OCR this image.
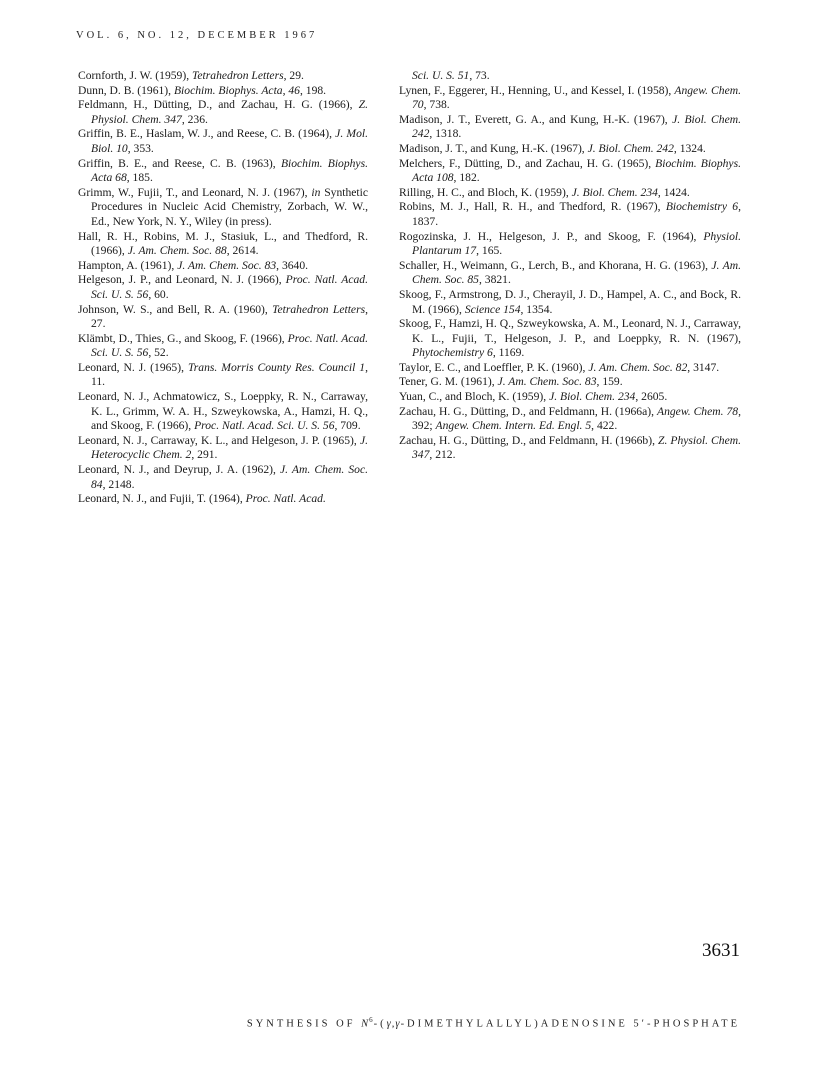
VOL. 6, NO. 12, DECEMBER 1967

Cornforth, J. W. (1959), Tetrahedron Letters, 29.

Dunn, D. B. (1961), Biochim. Biophys. Acta, 46, 198.

Feldmann, H., Dütting, D., and Zachau, H. G. (1966), Z. Physiol. Chem. 347, 236.

Griffin, B. E., Haslam, W. J., and Reese, C. B. (1964), J. Mol. Biol. 10, 353.

Griffin, B. E., and Reese, C. B. (1963), Biochim. Biophys. Acta 68, 185.

Grimm, W., Fujii, T., and Leonard, N. J. (1967), in Synthetic Procedures in Nucleic Acid Chemistry, Zorbach, W. W., Ed., New York, N. Y., Wiley (in press).

Hall, R. H., Robins, M. J., Stasiuk, L., and Thedford, R. (1966), J. Am. Chem. Soc. 88, 2614.

Hampton, A. (1961), J. Am. Chem. Soc. 83, 3640.

Helgeson, J. P., and Leonard, N. J. (1966), Proc. Natl. Acad. Sci. U. S. 56, 60.

Johnson, W. S., and Bell, R. A. (1960), Tetrahedron Letters, 27.

Klämbt, D., Thies, G., and Skoog, F. (1966), Proc. Natl. Acad. Sci. U. S. 56, 52.

Leonard, N. J. (1965), Trans. Morris County Res. Council 1, 11.

Leonard, N. J., Achmatowicz, S., Loeppky, R. N., Carraway, K. L., Grimm, W. A. H., Szweykowska, A., Hamzi, H. Q., and Skoog, F. (1966), Proc. Natl. Acad. Sci. U. S. 56, 709.

Leonard, N. J., Carraway, K. L., and Helgeson, J. P. (1965), J. Heterocyclic Chem. 2, 291.

Leonard, N. J., and Deyrup, J. A. (1962), J. Am. Chem. Soc. 84, 2148.

Leonard, N. J., and Fujii, T. (1964), Proc. Natl. Acad.

Sci. U. S. 51, 73.

Lynen, F., Eggerer, H., Henning, U., and Kessel, I. (1958), Angew. Chem. 70, 738.

Madison, J. T., Everett, G. A., and Kung, H.-K. (1967), J. Biol. Chem. 242, 1318.

Madison, J. T., and Kung, H.-K. (1967), J. Biol. Chem. 242, 1324.

Melchers, F., Dütting, D., and Zachau, H. G. (1965), Biochim. Biophys. Acta 108, 182.

Rilling, H. C., and Bloch, K. (1959), J. Biol. Chem. 234, 1424.

Robins, M. J., Hall, R. H., and Thedford, R. (1967), Biochemistry 6, 1837.

Rogozinska, J. H., Helgeson, J. P., and Skoog, F. (1964), Physiol. Plantarum 17, 165.

Schaller, H., Weimann, G., Lerch, B., and Khorana, H. G. (1963), J. Am. Chem. Soc. 85, 3821.

Skoog, F., Armstrong, D. J., Cherayil, J. D., Hampel, A. C., and Bock, R. M. (1966), Science 154, 1354.

Skoog, F., Hamzi, H. Q., Szweykowska, A. M., Leonard, N. J., Carraway, K. L., Fujii, T., Helgeson, J. P., and Loeppky, R. N. (1967), Phytochemistry 6, 1169.

Taylor, E. C., and Loeffler, P. K. (1960), J. Am. Chem. Soc. 82, 3147.

Tener, G. M. (1961), J. Am. Chem. Soc. 83, 159.

Yuan, C., and Bloch, K. (1959), J. Biol. Chem. 234, 2605.

Zachau, H. G., Dütting, D., and Feldmann, H. (1966a), Angew. Chem. 78, 392; Angew. Chem. Intern. Ed. Engl. 5, 422.

Zachau, H. G., Dütting, D., and Feldmann, H. (1966b), Z. Physiol. Chem. 347, 212.

3631
SYNTHESIS OF $N^6-(\gamma,\gamma-DIMETHYLALLYL)ADENOSINE$ 5′-PHOSPHATE
